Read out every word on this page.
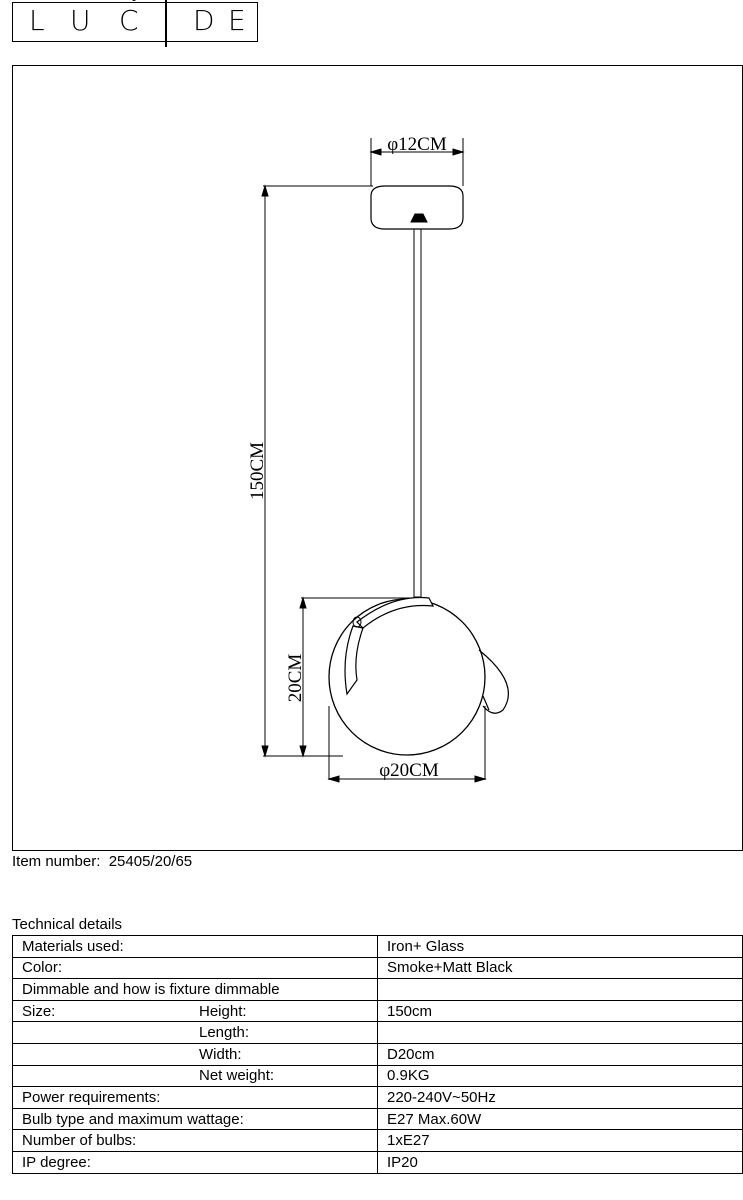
L U C D E
φ12CM
150CM
20CM
φ20CM
Item number: 25405/20/65
Technical details
Materials used:		Iron+ Glass
Color:		Smoke+Matt Black
Dimmable and how is fixture dimmable		
Size:	Height:	150cm
	Length:	
	Width:	D20cm
	Net weight:	0.9KG
Power requirements:		220-240V~50Hz
Bulb type and maximum wattage:		E27 Max.60W
Number of bulbs:		1xE27
IP degree:		IP20
